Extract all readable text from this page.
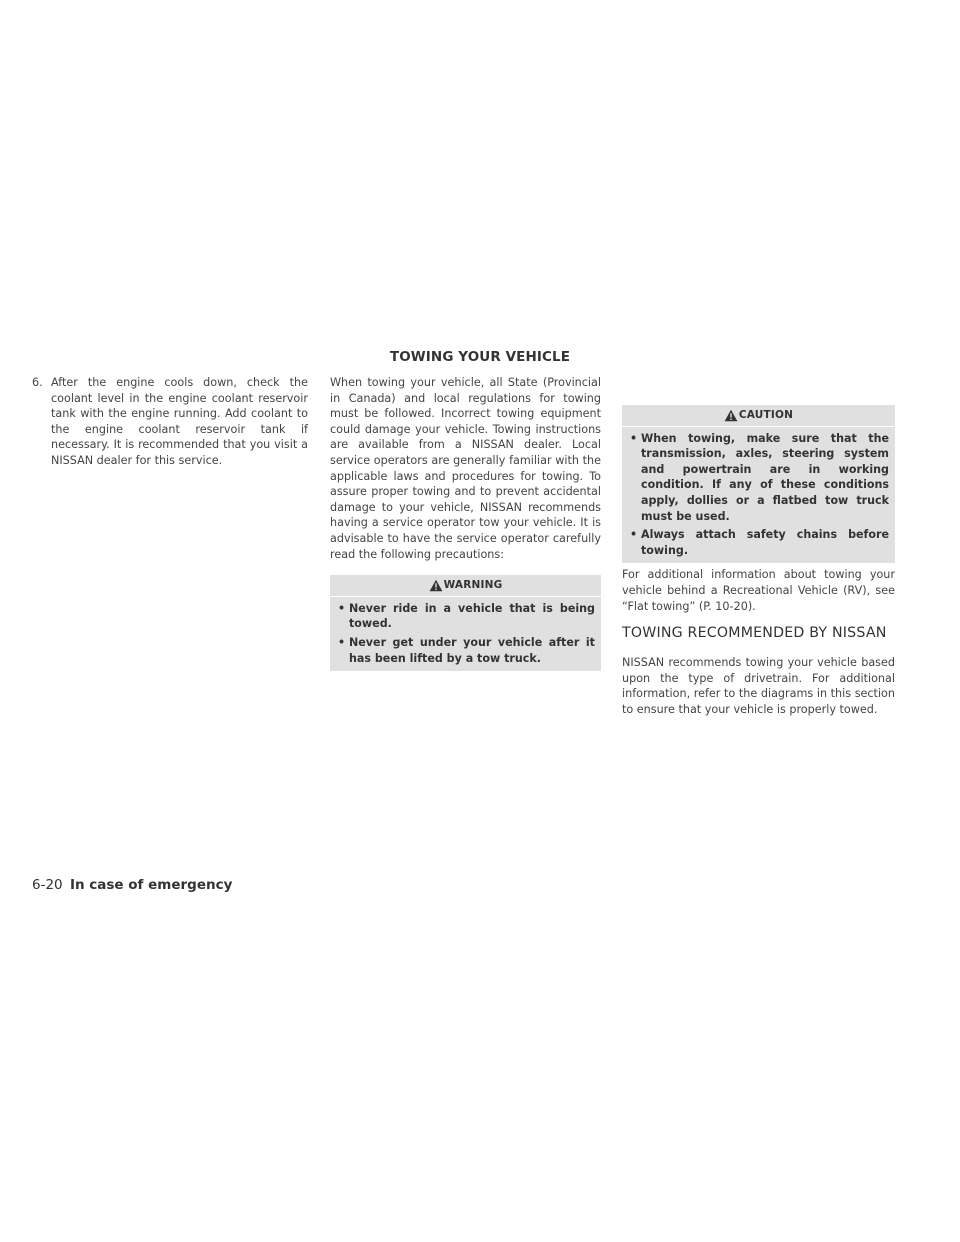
TOWING YOUR VEHICLE
6. After the engine cools down, check the coolant level in the engine coolant reservoir tank with the engine running. Add coolant to the engine coolant reservoir tank if necessary. It is recommended that you visit a NISSAN dealer for this service.

When towing your vehicle, all State (Provincial in Canada) and local regulations for towing must be followed. Incorrect towing equipment could damage your vehicle. Towing instructions are available from a NISSAN dealer. Local service operators are generally familiar with the applicable laws and procedures for towing. To assure proper towing and to prevent accidental damage to your vehicle, NISSAN recommends having a service operator tow your vehicle. It is advisable to have the service operator carefully read the following precautions:

WARNING
• Never ride in a vehicle that is being towed.
• Never get under your vehicle after it has been lifted by a tow truck.
CAUTION
• When towing, make sure that the transmission, axles, steering system and powertrain are in working condition. If any of these conditions apply, dollies or a flatbed tow truck must be used.
• Always attach safety chains before towing.

For additional information about towing your vehicle behind a Recreational Vehicle (RV), see “Flat towing” (P. 10-20).

TOWING RECOMMENDED BY NISSAN

NISSAN recommends towing your vehicle based upon the type of drivetrain. For additional information, refer to the diagrams in this section to ensure that your vehicle is properly towed.

6-20 In case of emergency
